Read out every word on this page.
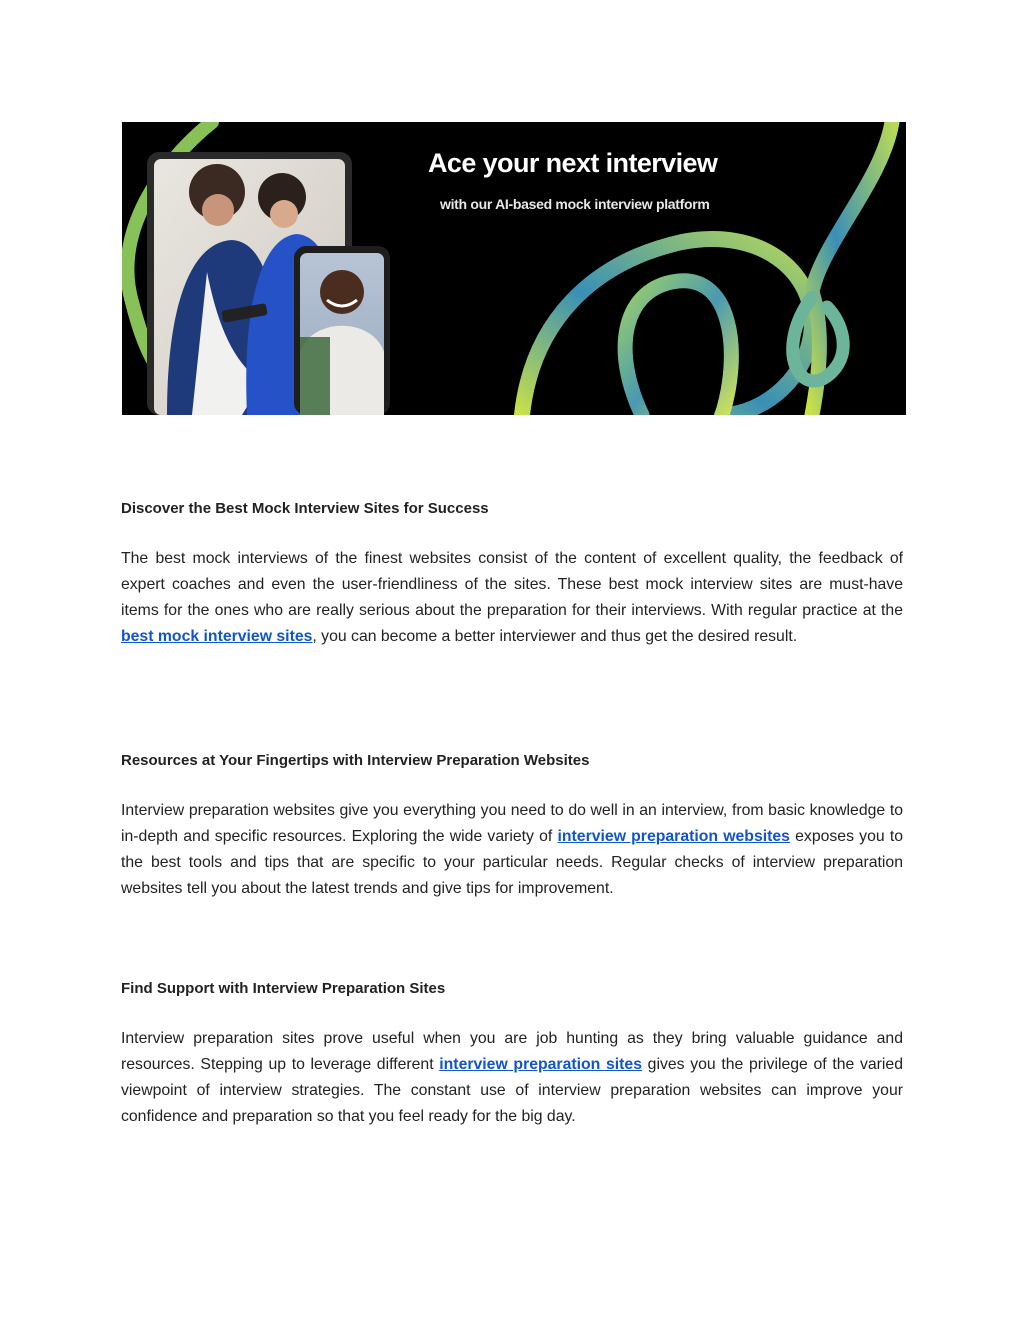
Ace your next interview
with our AI-based mock interview platform
Discover the Best Mock Interview Sites for Success

The best mock interviews of the finest websites consist of the content of excellent quality, the feedback of expert coaches and even the user-friendliness of the sites. These best mock interview sites are must-have items for the ones who are really serious about the preparation for their interviews. With regular practice at the best mock interview sites, you can become a better interviewer and thus get the desired result.

Resources at Your Fingertips with Interview Preparation Websites

Interview preparation websites give you everything you need to do well in an interview, from basic knowledge to in-depth and specific resources. Exploring the wide variety of interview preparation websites exposes you to the best tools and tips that are specific to your particular needs. Regular checks of interview preparation websites tell you about the latest trends and give tips for improvement.

Find Support with Interview Preparation Sites

Interview preparation sites prove useful when you are job hunting as they bring valuable guidance and resources. Stepping up to leverage different interview preparation sites gives you the privilege of the varied viewpoint of interview strategies. The constant use of interview preparation websites can improve your confidence and preparation so that you feel ready for the big day.
